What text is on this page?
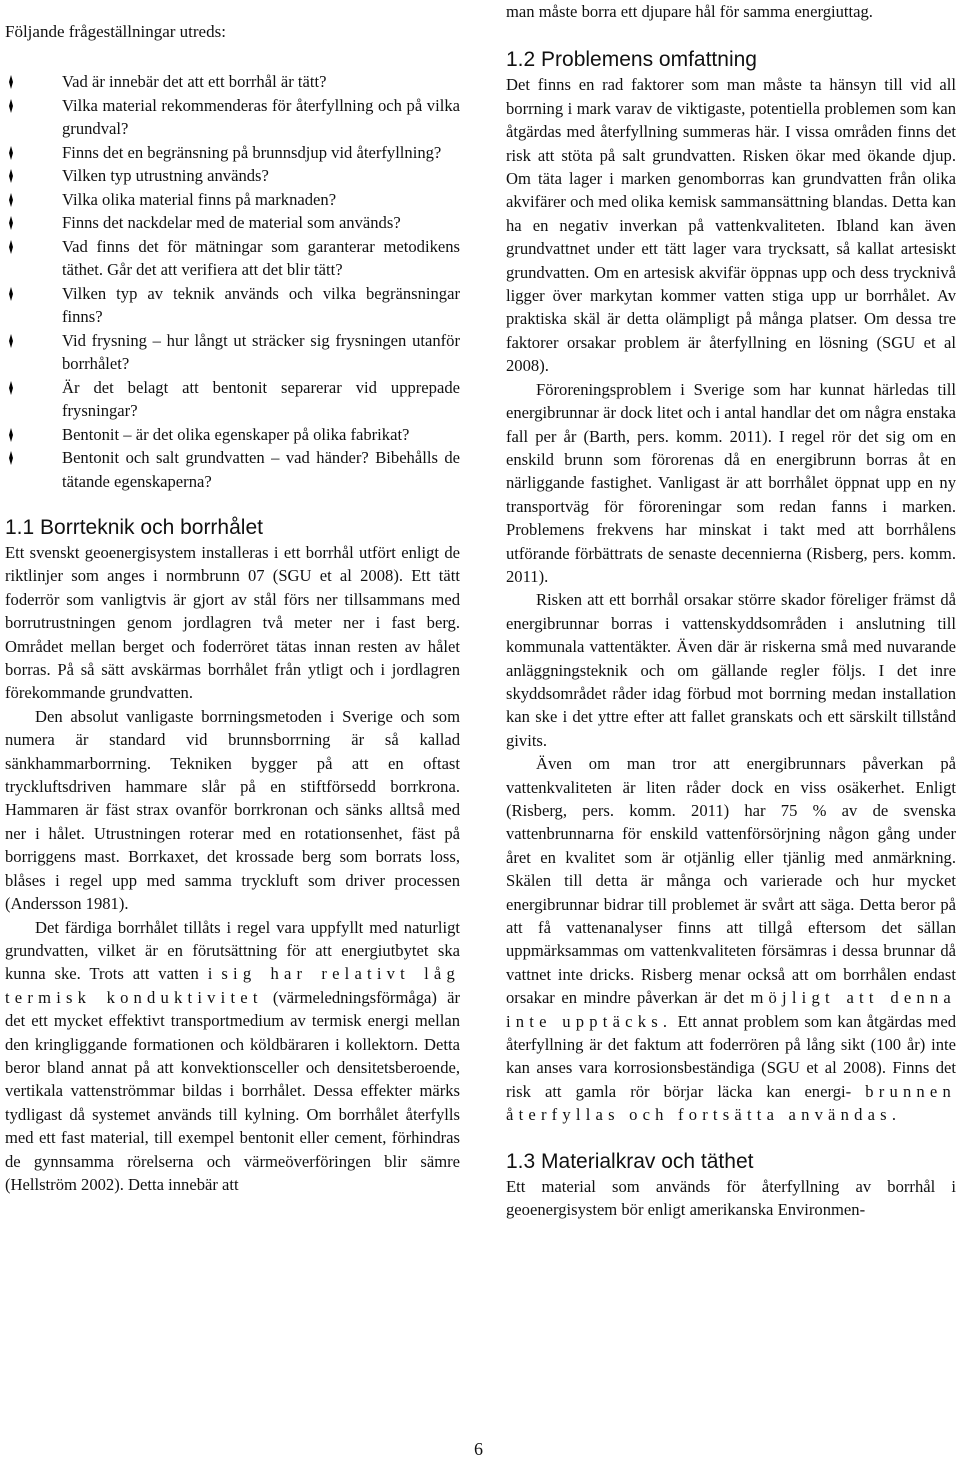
Följande frågeställningar utreds:

Vad är innebär det att ett borrhål är tätt?
Vilka material rekommenderas för återfyllning och på vilka grundval?
Finns det en begränsning på brunnsdjup vid återfyllning?
Vilken typ utrustning används?
Vilka olika material finns på marknaden?
Finns det nackdelar med de material som används?
Vad finns det för mätningar som garanterar metodikens täthet. Går det att verifiera att det blir tätt?
Vilken typ av teknik används och vilka begränsningar finns?
Vid frysning – hur långt ut sträcker sig frysningen utanför borrhålet?
Är det belagt att bentonit separerar vid upprepade frysningar?
Bentonit – är det olika egenskaper på olika fabrikat?
Bentonit och salt grundvatten – vad händer? Bibehålls de tätande egenskaperna?
1.1 Borrteknik och borrhålet

Ett svenskt geoenergisystem installeras i ett borrhål utfört enligt de riktlinjer som anges i normbrunn 07 (SGU et al 2008). Ett tätt foderrör som vanligtvis är gjort av stål förs ner tillsammans med borrutrustningen genom jordlagren två meter ner i fast berg. Området mellan berget och foderröret tätas innan resten av hålet borras. På så sätt avskärmas borrhålet från ytligt och i jordlagren förekommande grundvatten.

Den absolut vanligaste borrningsmetoden i Sverige och som numera är standard vid brunnsborrning är så kallad sänkhammarborrning. Tekniken bygger på att en oftast tryckluftsdriven hammare slår på en stiftförsedd borrkrona. Hammaren är fäst strax ovanför borrkronan och sänks alltså med ner i hålet. Utrustningen roterar med en rotationsenhet, fäst på borriggens mast. Borrkaxet, det krossade berg som borrats loss, blåses i regel upp med samma tryckluft som driver processen (Andersson 1981).

Det färdiga borrhålet tillåts i regel vara uppfyllt med naturligt grundvatten, vilket är en förutsättning för att energiutbytet ska kunna ske. Trots att vatten i sig har relativt låg termisk konduktivitet (värmeledningsförmåga) är det ett mycket effektivt transportmedium av termisk energi mellan den kringliggande formationen och köldbäraren i kollektorn. Detta beror bland annat på att konvektionsceller och densitetsberoende, vertikala vattenströmmar bildas i borrhålet. Dessa effekter märks tydligast då systemet används till kylning. Om borrhålet återfylls med ett fast material, till exempel bentonit eller cement, förhindras de gynnsamma rörelserna och värmeöverföringen blir sämre (Hellström 2002). Detta innebär att

man måste borra ett djupare hål för samma energiuttag.

1.2 Problemens omfattning

Det finns en rad faktorer som man måste ta hänsyn till vid all borrning i mark varav de viktigaste, potentiella problemen som kan åtgärdas med återfyllning summeras här. I vissa områden finns det risk att stöta på salt grundvatten. Risken ökar med ökande djup. Om täta lager i marken genomborras kan grundvatten från olika akvifärer och med olika kemisk sammansättning blandas. Detta kan ha en negativ inverkan på vattenkvaliteten. Ibland kan även grundvattnet under ett tätt lager vara trycksatt, så kallat artesiskt grundvatten. Om en artesisk akvifär öppnas upp och dess trycknivå ligger över markytan kommer vatten stiga upp ur borrhålet. Av praktiska skäl är detta olämpligt på många platser. Om dessa tre faktorer orsakar problem är återfyllning en lösning (SGU et al 2008).

Föroreningsproblem i Sverige som har kunnat härledas till energibrunnar är dock litet och i antal handlar det om några enstaka fall per år (Barth, pers. komm. 2011). I regel rör det sig om en enskild brunn som förorenas då en energibrunn borras åt en närliggande fastighet. Vanligast är att borrhålet öppnat upp en ny transportväg för föroreningar som redan fanns i marken. Problemens frekvens har minskat i takt med att borrhålens utförande förbättrats de senaste decennierna (Risberg, pers. komm. 2011).

Risken att ett borrhål orsakar större skador föreliger främst då energibrunnar borras i vattenskyddsområden i anslutning till kommunala vattentäkter. Även där är riskerna små med nuvarande anläggningsteknik och om gällande regler följs. I det inre skyddsområdet råder idag förbud mot borrning medan installation kan ske i det yttre efter att fallet granskats och ett särskilt tillstånd givits.

Även om man tror att energibrunnars påverkan på vattenkvaliteten är liten råder dock en viss osäkerhet. Enligt (Risberg, pers. komm. 2011) har 75 % av de svenska vattenbrunnarna för enskild vattenförsörjning någon gång under året en kvalitet som är otjänlig eller tjänlig med anmärkning. Skälen till detta är många och varierade och hur mycket energibrunnar bidrar till problemet är svårt att säga. Detta beror på att få vattenanalyser finns att tillgå eftersom det sällan uppmärksammas om vattenkvaliteten försämras i dessa brunnar då vattnet inte dricks. Risberg menar också att om borrhålen endast orsakar en mindre påverkan är det möjligt att denna inte upptäcks. Ett annat problem som kan åtgärdas med återfyllning är det faktum att foderrören på lång sikt (100 år) inte kan anses vara korrosionsbeständiga (SGU et al 2008). Finns det risk att gamla rör börjar läcka kan energi- brunnen återfyllas och fortsätta användas.

1.3 Materialkrav och täthet

Ett material som används för återfyllning av borrhål i geoenergisystem bör enligt amerikanska Environmen-

6
